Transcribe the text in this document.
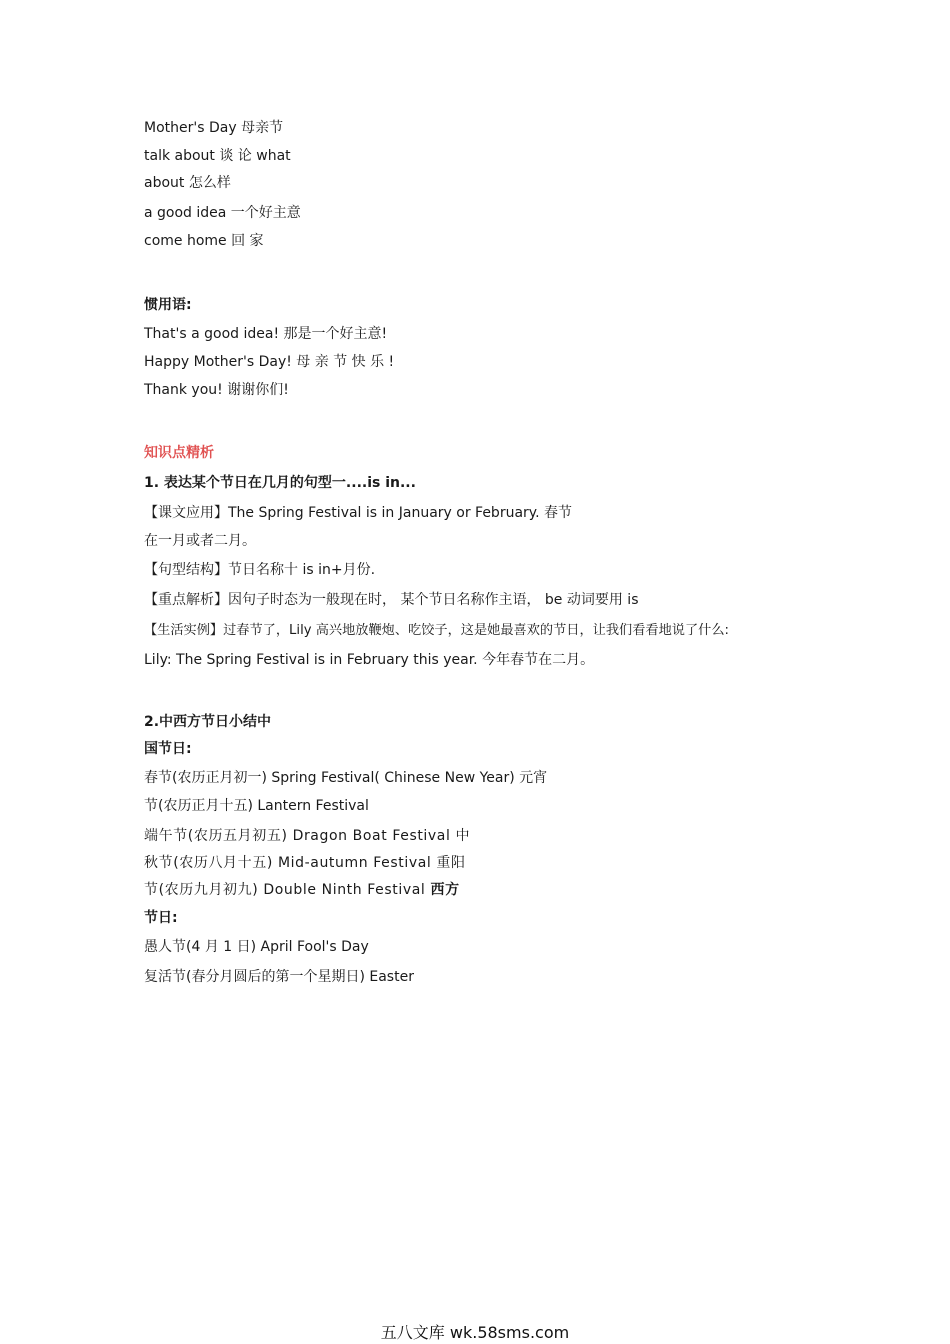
Mother's Day 母亲节
talk about 谈 论 what
about 怎么样
a good idea 一个好主意
come home 回 家
惯用语:
That's a good idea! 那是一个好主意!
Happy Mother's Day! 母 亲 节 快 乐 !
Thank you! 谢谢你们!
知识点精析
1. 表达某个节日在几月的句型一....is in...
【课文应用】The Spring Festival is in January or February. 春节
在一月或者二月。
【句型结构】节日名称十 is in+月份.
【重点解析】因句子时态为一般现在时， 某个节日名称作主语， be 动词要用 is
【生活实例】过春节了，Lily 高兴地放鞭炮、吃饺子，这是她最喜欢的节日，让我们看看地说了什么:
Lily: The Spring Festival is in February this year. 今年春节在二月。
2.中西方节日小结中
国节日:
春节(农历正月初一) Spring Festival( Chinese New Year) 元宵
节(农历正月十五) Lantern Festival
端午节(农历五月初五) Dragon Boat Festival 中
秋节(农历八月十五) Mid-autumn Festival 重阳
节(农历九月初九) Double Ninth Festival 西方
节日:
愚人节(4 月 1 日) April Fool's Day
复活节(春分月圆后的第一个星期日) Easter
五八文库 wk.58sms.com
